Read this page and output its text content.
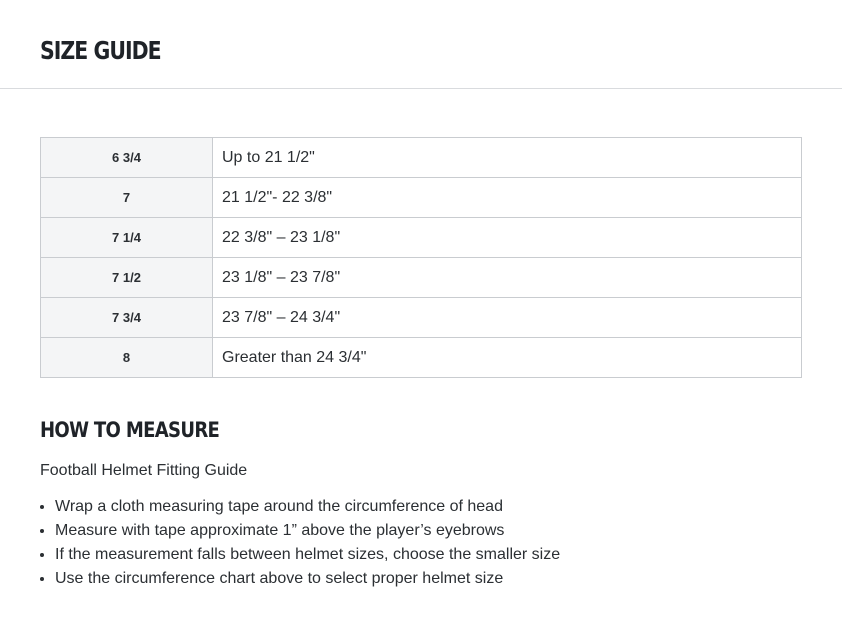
SIZE GUIDE
6 3/4	Up to 21 1/2"
7	21 1/2"- 22 3/8"
7 1/4	22 3/8" – 23 1/8"
7 1/2	23 1/8" – 23 7/8"
7 3/4	23 7/8" – 24 3/4"
8	Greater than 24 3/4"
HOW TO MEASURE

Football Helmet Fitting Guide

• Wrap a cloth measuring tape around the circumference of head
• Measure with tape approximate 1” above the player’s eyebrows
• If the measurement falls between helmet sizes, choose the smaller size
• Use the circumference chart above to select proper helmet size
